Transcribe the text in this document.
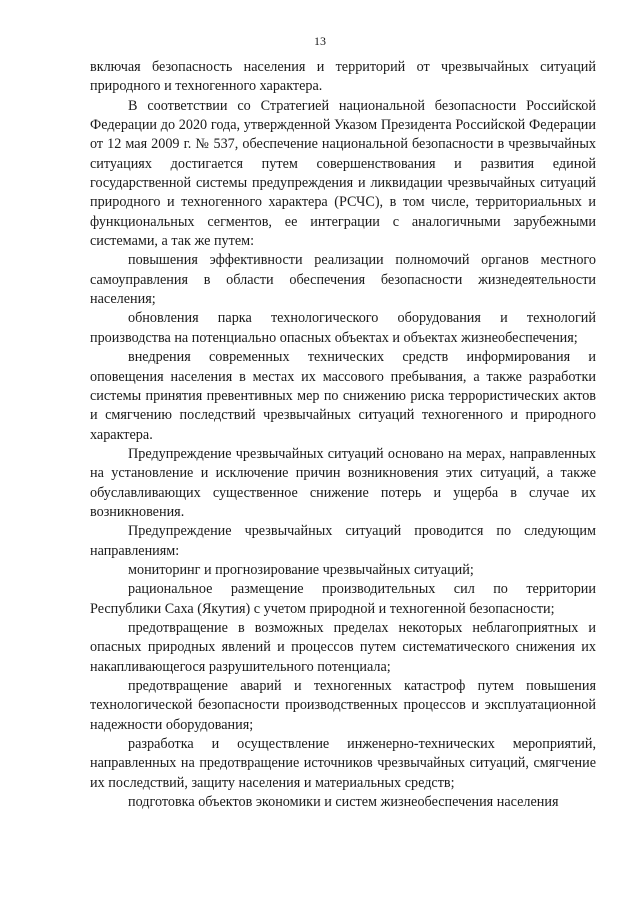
13

включая безопасность населения и территорий от чрезвычайных ситуаций природного и техногенного характера.

В соответствии со Стратегией национальной безопасности Российской Федерации до 2020 года, утвержденной Указом Президента Российской Федерации от 12 мая 2009 г. № 537, обеспечение национальной безопасности в чрезвычайных ситуациях достигается путем совершенствования и развития единой государственной системы предупреждения и ликвидации чрезвычайных ситуаций природного и техногенного характера (РСЧС), в том числе, территориальных и функциональных сегментов, ее интеграции с аналогичными зарубежными системами, а так же путем:

повышения эффективности реализации полномочий органов местного самоуправления в области обеспечения безопасности жизнедеятельности населения;

обновления парка технологического оборудования и технологий производства на потенциально опасных объектах и объектах жизнеобеспечения;

внедрения современных технических средств информирования и оповещения населения в местах их массового пребывания, а также разработки системы принятия превентивных мер по снижению риска террористических актов и смягчению последствий чрезвычайных ситуаций техногенного и природного характера.

Предупреждение чрезвычайных ситуаций основано на мерах, направленных на установление и исключение причин возникновения этих ситуаций, а также обуславливающих существенное снижение потерь и ущерба в случае их возникновения.

Предупреждение чрезвычайных ситуаций проводится по следующим направлениям:

мониторинг и прогнозирование чрезвычайных ситуаций;

рациональное размещение производительных сил по территории Республики Саха (Якутия) с учетом природной и техногенной безопасности;

предотвращение в возможных пределах некоторых неблагоприятных и опасных природных явлений и процессов путем систематического снижения их накапливающегося разрушительного потенциала;

предотвращение аварий и техногенных катастроф путем повышения технологической безопасности производственных процессов и эксплуатационной надежности оборудования;

разработка и осуществление инженерно-технических мероприятий, направленных на предотвращение источников чрезвычайных ситуаций, смягчение их последствий, защиту населения и материальных средств;

подготовка объектов экономики и систем жизнеобеспечения населения
